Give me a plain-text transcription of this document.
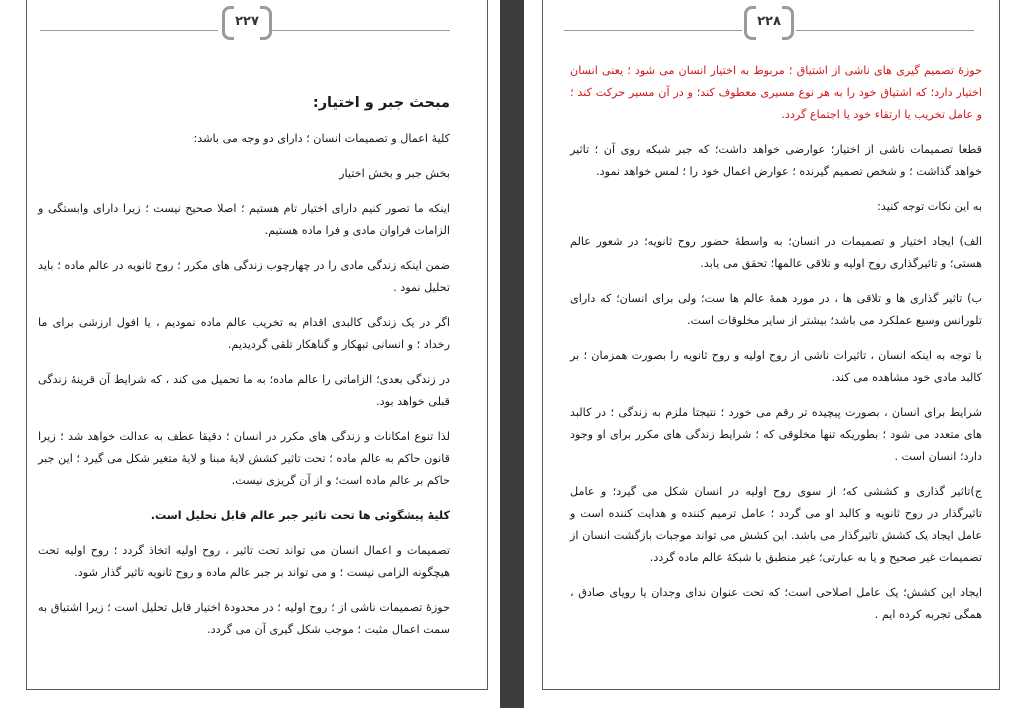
۲۲۷
مبحث جبر و اختیار:

کلیهٔ اعمال و تصمیمات انسان ؛ دارای دو وجه می باشد:

بخش جبر و بخش اختیار

اینکه ما تصور کنیم دارای اختیار تام هستیم ؛ اصلا صحیح نیست ؛ زیرا دارای وابستگی و الزامات فراوان مادی و فرا ماده هستیم.

ضمن اینکه زندگی مادی را در چهارچوب زندگی های مکرر ؛ روح ثانویه در عالم ماده ؛ باید تحلیل نمود .

اگر در یک زندگی کالبدی اقدام به تخریب عالم ماده نمودیم ، یا افول ارزشی برای ما رخداد ؛ و انسانی تبهکار و گناهکار تلقی گردیدیم.

در زندگی بعدی؛ الزاماتی را عالم ماده؛ به ما تحمیل می کند ، که شرایط آن قرینهٔ زندگی قبلی خواهد بود.

لذا تنوع امکانات و زندگی های مکرر در انسان ؛ دقیقا عطف به عدالت خواهد شد ؛ زیرا قانون حاکم به عالم ماده ؛ تحت تاثیر کشش لایهٔ مبنا و لایهٔ متغیر شکل می گیرد ؛ این جبر حاکم بر عالم ماده است؛ و از آن گریزی نیست.

کلیهٔ پیشگوئی ها تحت تاثیر جبر عالم قابل تحلیل است.

تصمیمات و اعمال انسان می تواند تحت تاثیر ، روح اولیه اتخاذ گردد ؛ روح اولیه تحت هیچگونه الزامی نیست ؛ و می تواند بر جبر عالم ماده و روح ثانویه تاثیر گذار شود.

حوزهٔ تصمیمات ناشی از ؛ روح اولیه ؛ در محدودهٔ اختیار قابل تحلیل است ؛ زیرا اشتیاق به سمت اعمال مثبت ؛ موجب شکل گیری آن می گردد.

۲۲۸

حوزهٔ تصمیم گیری های ناشی از اشتیاق ؛ مربوط به اختیار انسان می شود ؛ یعنی انسان اختیار دارد؛ که اشتیاق خود را به هر نوع مسیری معطوف کند؛ و در آن مسیر حرکت کند ؛ و عامل تخریب یا ارتقاء خود یا اجتماع گردد.

قطعا تصمیمات ناشی از اختیار؛ عوارضی خواهد داشت؛ که جبر شبکه روی آن ؛ تاثیر خواهد گذاشت ؛ و شخص تصمیم گیرنده ؛ عوارض اعمال خود را ؛ لمس خواهد نمود.

به این نکات توجه کنید:

الف) ایجاد اختیار و تصمیمات در انسان؛ به واسطهٔ حضور روح ثانویه؛ در شعور عالم هستی؛ و تاثیرگذاری روح اولیه و تلاقی عالمها؛ تحقق می یابد.

ب) تاثیر گذاری ها و تلاقی ها ، در مورد همهٔ عالم ها ست؛ ولی برای انسان؛ که دارای تلورانس وسیع عملکرد می باشد؛ بیشتر از سایر مخلوقات است.

با توجه به اینکه انسان ، تاثیرات ناشی از روح اولیه و روح ثانویه را بصورت همزمان ؛ بر کالبد مادی خود مشاهده می کند.

شرایط برای انسان ، بصورت پیچیده تر رقم می خورد ؛ نتیجتا ملزم به زندگی ؛ در کالبد های متعدد می شود ؛ بطوریکه تنها مخلوقی که ؛ شرایط زندگی های مکرر برای او وجود دارد؛ انسان است .

ج)تاثیر گذاری و کششی که؛ از سوی روح اولیه در انسان شکل می گیرد؛ و عامل تاثیرگذار در روح ثانویه و کالبد او می گردد ؛ عامل ترمیم کننده و هدایت کننده است و عامل ایجاد یک کشش تاثیرگذار می باشد. این کشش می تواند موجبات بازگشت انسان از تصمیمات غیر صحیح و یا به عبارتی؛ غیر منطبق با شبکهٔ عالم ماده گردد.

ایجاد این کشش؛ یک عامل اصلاحی است؛ که تحت عنوان ندای وجدان یا رویای صادق ، همگی تجربه کرده ایم .
